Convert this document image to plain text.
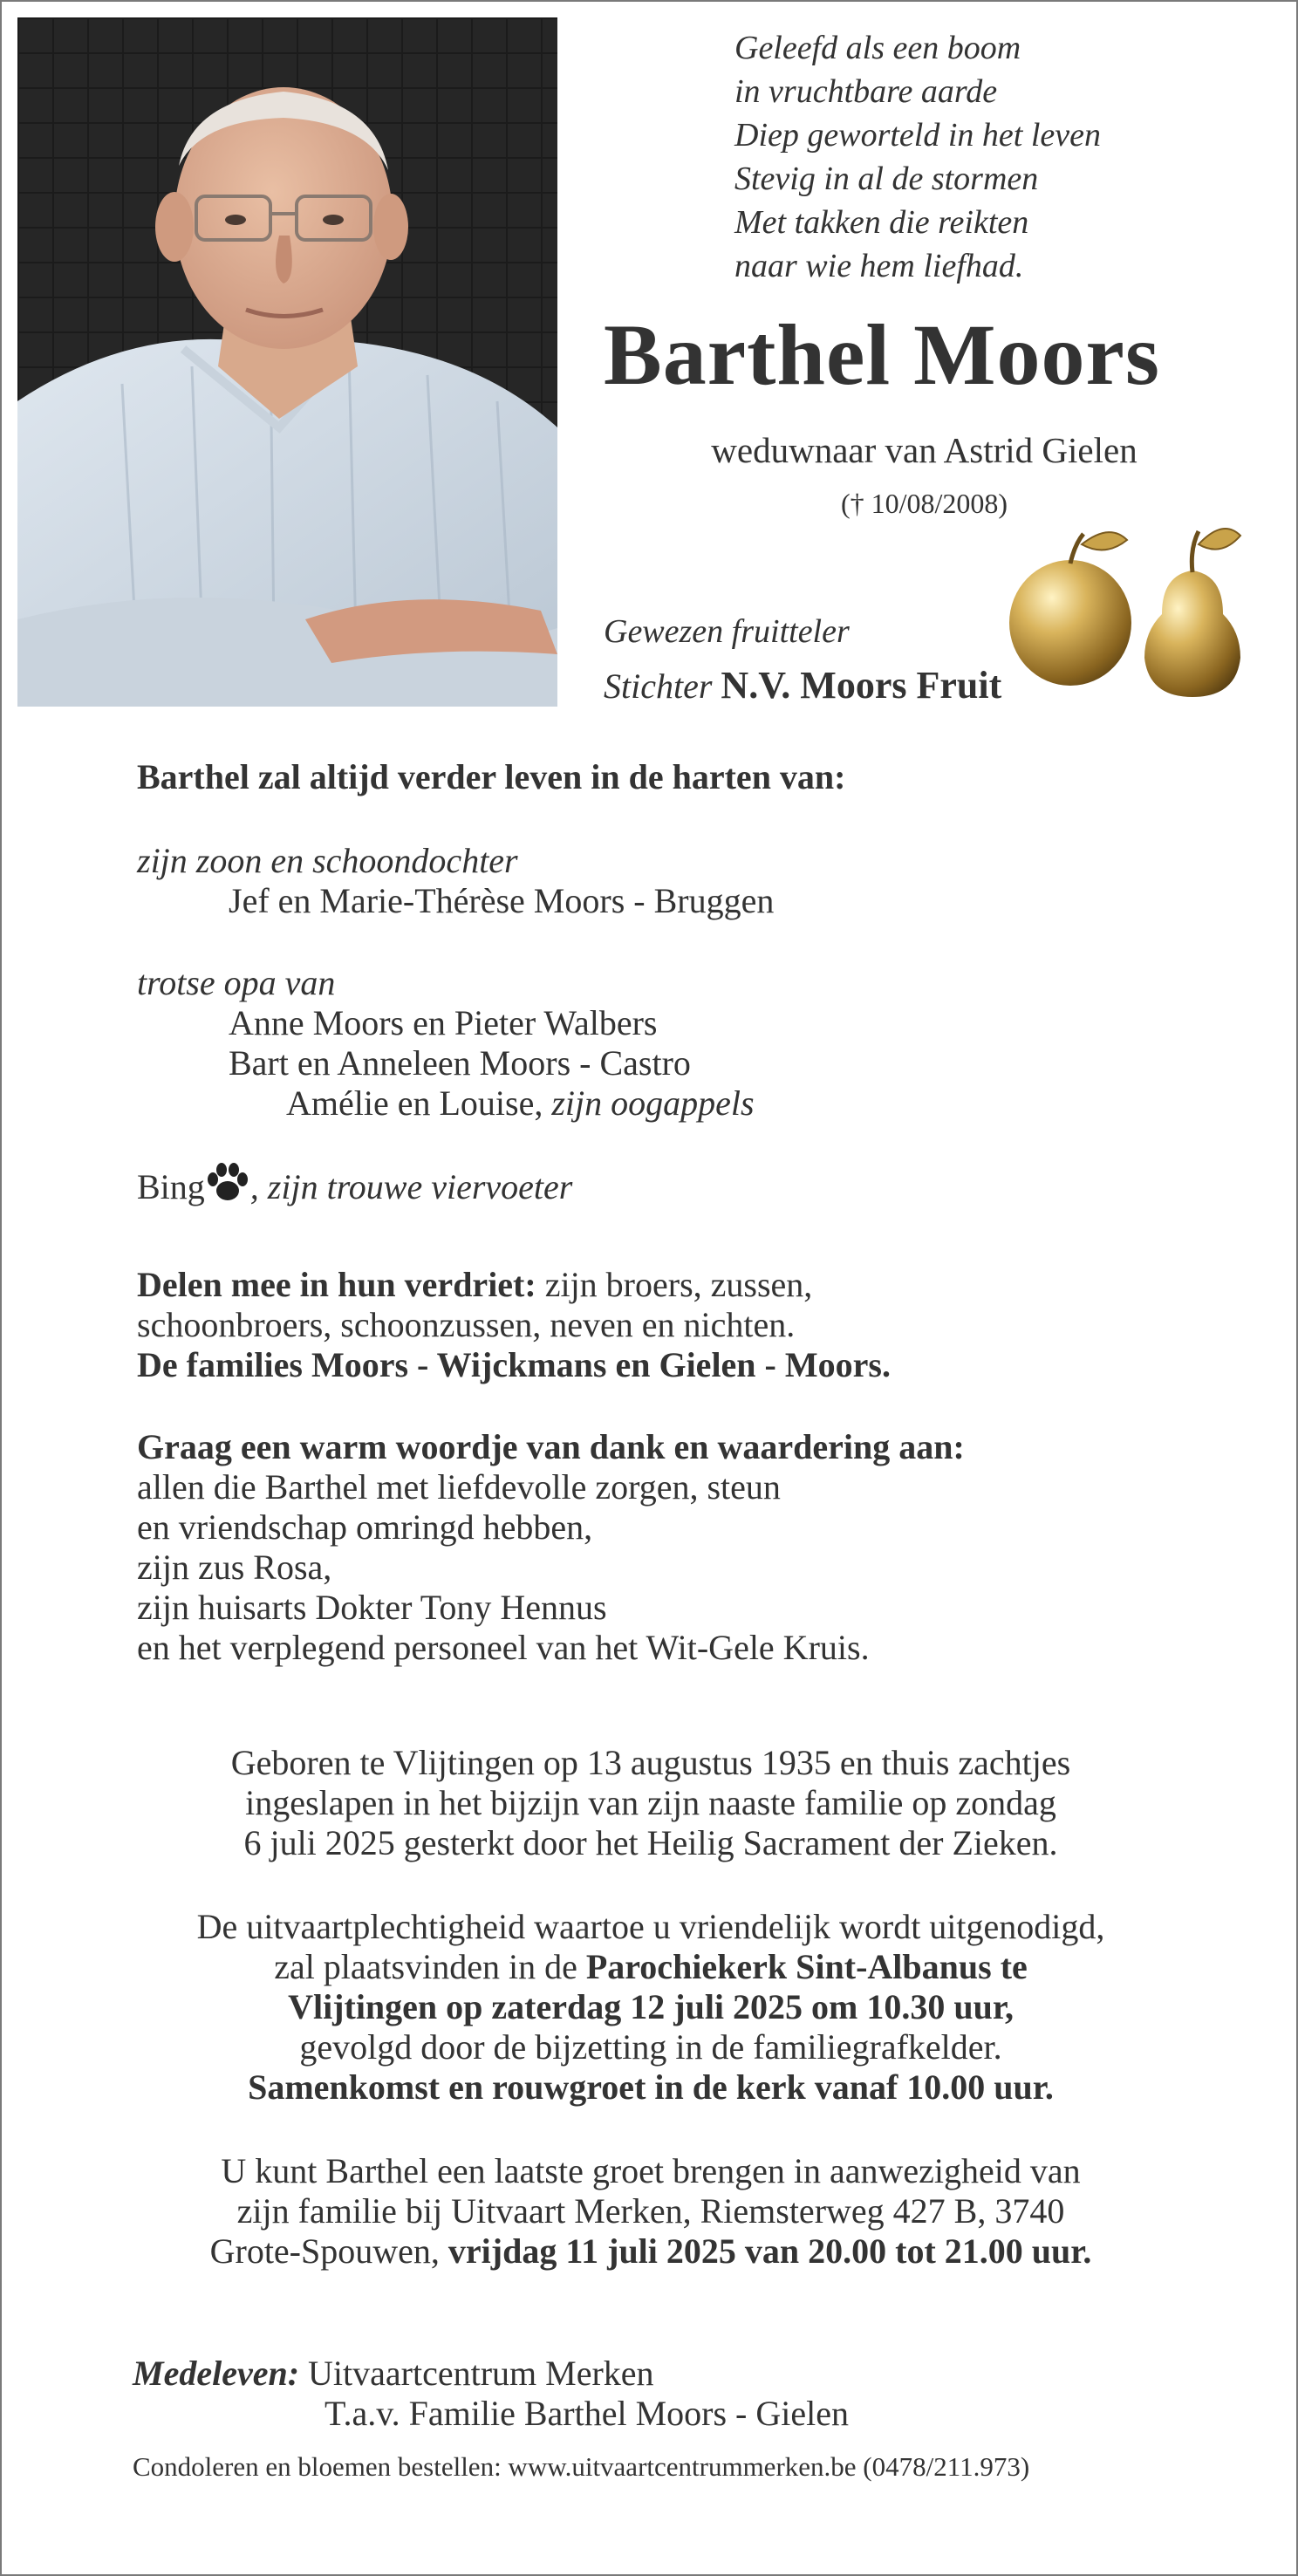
Geleefd als een boom
in vruchtbare aarde
Diep geworteld in het leven
Stevig in al de stormen
Met takken die reikten
naar wie hem liefhad.
Barthel Moors
weduwnaar van Astrid Gielen
(† 10/08/2008)
Gewezen fruitteler
Stichter N.V. Moors Fruit
Barthel zal altijd verder leven in de harten van:
zijn zoon en schoondochter
Jef en Marie-Thérèse Moors - Bruggen
trotse opa van
Anne Moors en Pieter Walbers
Bart en Anneleen Moors - Castro
Amélie en Louise, zijn oogappels
Bing , zijn trouwe viervoeter
Delen mee in hun verdriet: zijn broers, zussen,
schoonbroers, schoonzussen, neven en nichten.
De families Moors - Wijckmans en Gielen - Moors.
Graag een warm woordje van dank en waardering aan:
allen die Barthel met liefdevolle zorgen, steun
en vriendschap omringd hebben,
zijn zus Rosa,
zijn huisarts Dokter Tony Hennus
en het verplegend personeel van het Wit-Gele Kruis.
Geboren te Vlijtingen op 13 augustus 1935 en thuis zachtjes
ingeslapen in het bijzijn van zijn naaste familie op zondag
6 juli 2025 gesterkt door het Heilig Sacrament der Zieken.
De uitvaartplechtigheid waartoe u vriendelijk wordt uitgenodigd,
zal plaatsvinden in de Parochiekerk Sint-Albanus te
Vlijtingen op zaterdag 12 juli 2025 om 10.30 uur,
gevolgd door de bijzetting in de familiegrafkelder.
Samenkomst en rouwgroet in de kerk vanaf 10.00 uur.
U kunt Barthel een laatste groet brengen in aanwezigheid van
zijn familie bij Uitvaart Merken, Riemsterweg 427 B, 3740
Grote-Spouwen, vrijdag 11 juli 2025 van 20.00 tot 21.00 uur.
Medeleven: Uitvaartcentrum Merken
T.a.v. Familie Barthel Moors - Gielen
Condoleren en bloemen bestellen: www.uitvaartcentrummerken.be (0478/211.973)
